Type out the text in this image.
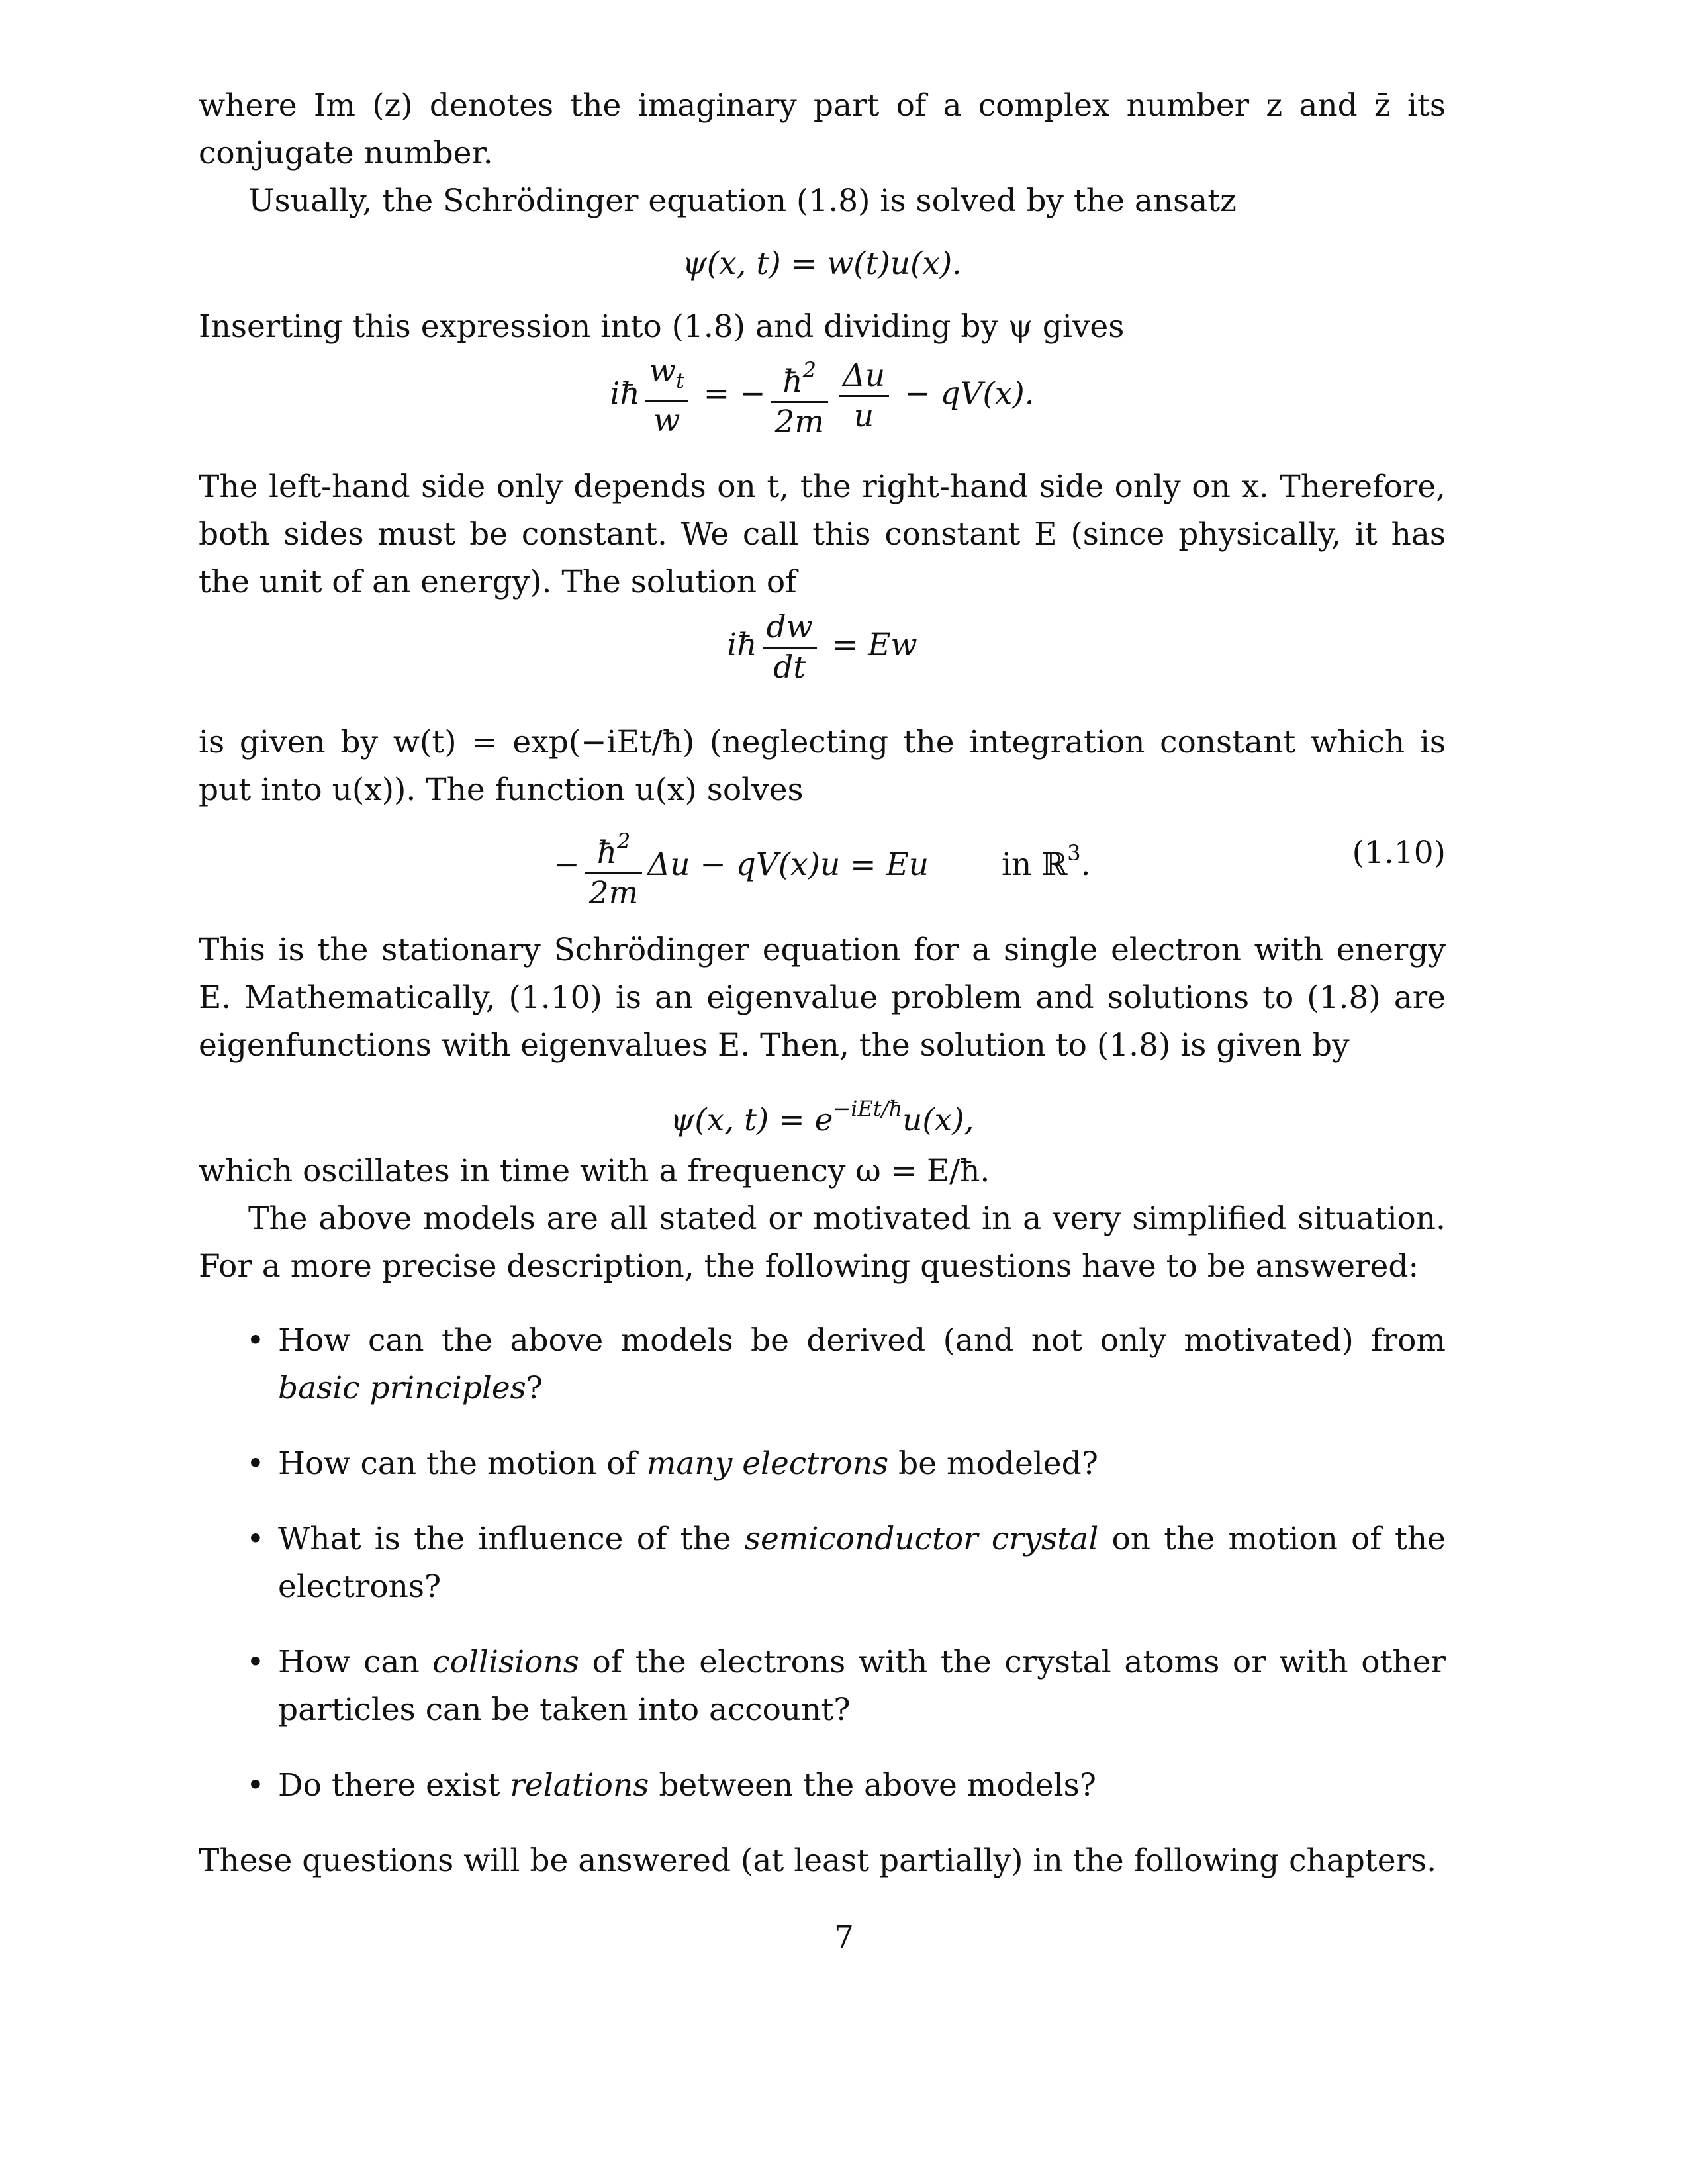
where Im (z) denotes the imaginary part of a complex number z and z̄ its conjugate number.

Usually, the Schrödinger equation (1.8) is solved by the ansatz

ψ(x, t) = w(t)u(x).

Inserting this expression into (1.8) and dividing by ψ gives

iħ $\frac{w_t}{w}$ = − $\frac{ħ^2}{2m} \frac{\Delta u}{u} - qV(x)$.

The left-hand side only depends on t, the right-hand side only on x. Therefore, both sides must be constant. We call this constant E (since physically, it has the unit of an energy). The solution of

iħ $\frac{dw}{dt} = Ew$

is given by w(t) = exp(−iEt/ħ) (neglecting the integration constant which is put into u(x)). The function u(x) solves

− $\frac{ħ^2}{2m}$ Δu − qV(x)u = Eu in ℝ$^3$.	(1.10)

This is the stationary Schrödinger equation for a single electron with energy E. Mathematically, (1.10) is an eigenvalue problem and solutions to (1.8) are eigenfunctions with eigenvalues E. Then, the solution to (1.8) is given by

ψ(x, $t) = e^{-iEt/ħ}u(x)$,

which oscillates in time with a frequency ω = E/ħ.

The above models are all stated or motivated in a very simplified situation. For a more precise description, the following questions have to be answered:

• How can the above models be derived (and not only motivated) from basic principles?
• How can the motion of many electrons be modeled?
• What is the influence of the semiconductor crystal on the motion of the electrons?
• How can collisions of the electrons with the crystal atoms or with other particles can be taken into account?
• Do there exist relations between the above models?

These questions will be answered (at least partially) in the following chapters.

7
